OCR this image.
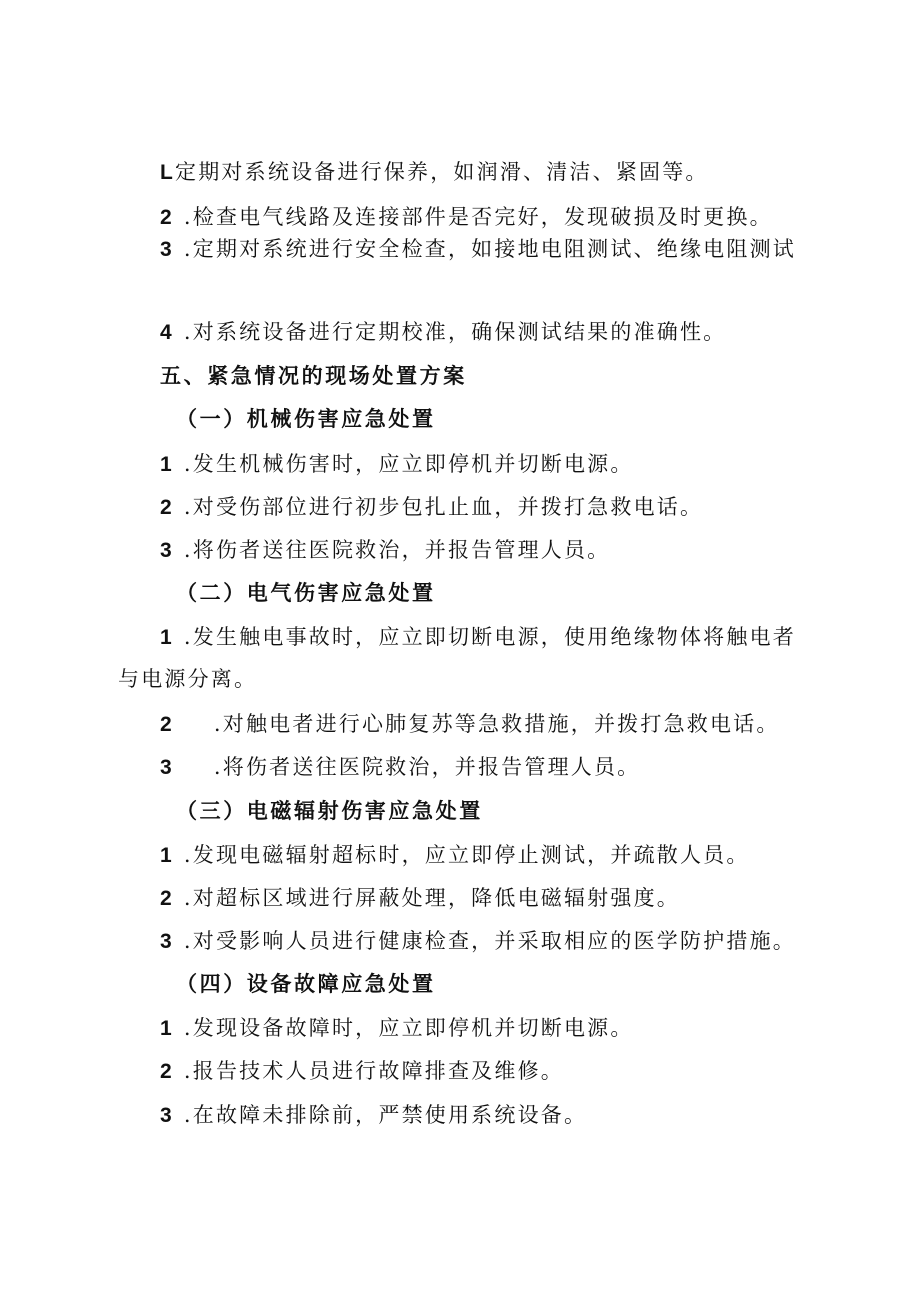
L定期对系统设备进行保养，如润滑、清洁、紧固等。
2 .检查电气线路及连接部件是否完好，发现破损及时更换。
3 .定期对系统进行安全检查，如接地电阻测试、绝缘电阻测试
4 .对系统设备进行定期校准，确保测试结果的准确性。
五、紧急情况的现场处置方案
（一）机械伤害应急处置
1 .发生机械伤害时，应立即停机并切断电源。
2 .对受伤部位进行初步包扎止血，并拨打急救电话。
3 .将伤者送往医院救治，并报告管理人员。
（二）电气伤害应急处置
1 .发生触电事故时，应立即切断电源，使用绝缘物体将触电者
与电源分离。
2 .对触电者进行心肺复苏等急救措施，并拨打急救电话。
3 .将伤者送往医院救治，并报告管理人员。
（三）电磁辐射伤害应急处置
1 .发现电磁辐射超标时，应立即停止测试，并疏散人员。
2 .对超标区域进行屏蔽处理，降低电磁辐射强度。
3 .对受影响人员进行健康检查，并采取相应的医学防护措施。
（四）设备故障应急处置
1 .发现设备故障时，应立即停机并切断电源。
2 .报告技术人员进行故障排查及维修。
3 .在故障未排除前，严禁使用系统设备。
